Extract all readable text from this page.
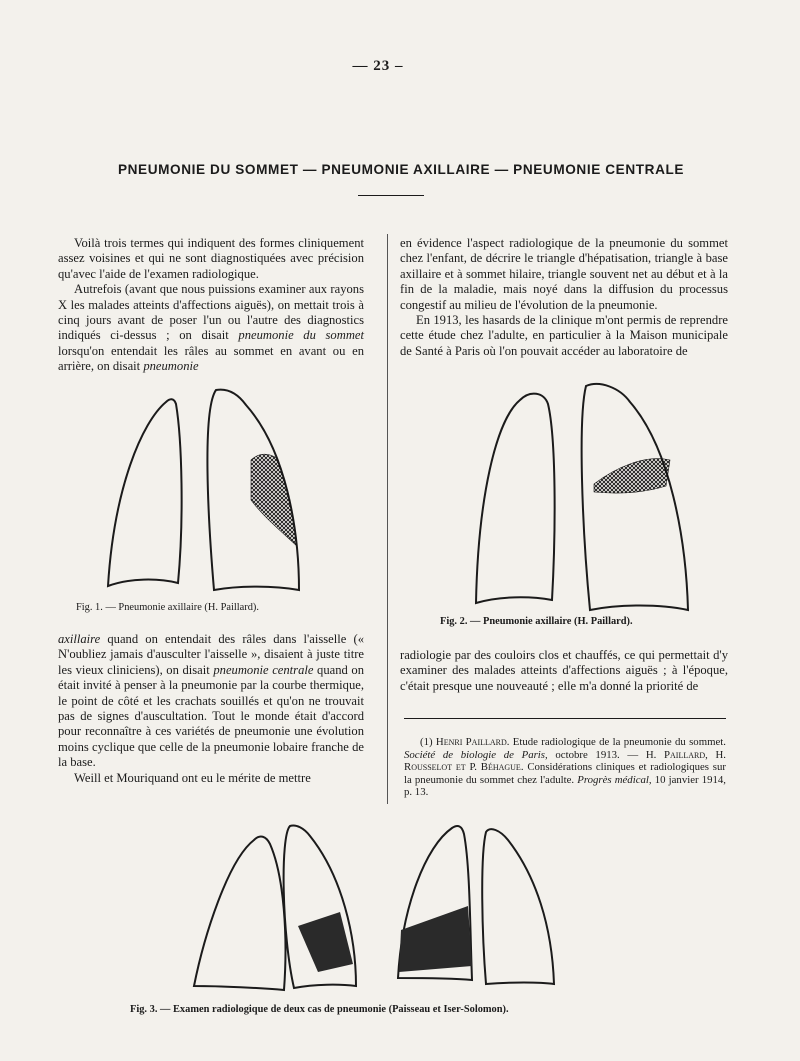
— 23 –
PNEUMONIE DU SOMMET — PNEUMONIE AXILLAIRE — PNEUMONIE CENTRALE

Voilà trois termes qui indiquent des formes cliniquement assez voisines et qui ne sont diagnostiquées avec précision qu'avec l'aide de l'examen radiologique.

Autrefois (avant que nous puissions examiner aux rayons X les malades atteints d'affections aiguës), on mettait trois à cinq jours avant de poser l'un ou l'autre des diagnostics indiqués ci-dessus ; on disait pneumonie du sommet lorsqu'on entendait les râles au sommet en avant ou en arrière, on disait pneumonie

Fig. 1. — Pneumonie axillaire (H. Paillard).

axillaire quand on entendait des râles dans l'aisselle (« N'oubliez jamais d'ausculter l'aisselle », disaient à juste titre les vieux cliniciens), on disait pneumonie centrale quand on était invité à penser à la pneumonie par la courbe thermique, le point de côté et les crachats souillés et qu'on ne trouvait pas de signes d'auscultation. Tout le monde était d'accord pour reconnaître à ces variétés de pneumonie une évolution moins cyclique que celle de la pneumonie lobaire franche de la base.

Weill et Mouriquand ont eu le mérite de mettre

en évidence l'aspect radiologique de la pneumonie du sommet chez l'enfant, de décrire le triangle d'hépatisation, triangle à base axillaire et à sommet hilaire, triangle souvent net au début et à la fin de la maladie, mais noyé dans la diffusion du processus congestif au milieu de l'évolution de la pneumonie.

En 1913, les hasards de la clinique m'ont permis de reprendre cette étude chez l'adulte, en particulier à la Maison municipale de Santé à Paris où l'on pouvait accéder au laboratoire de

Fig. 2. — Pneumonie axillaire (H. Paillard).

radiologie par des couloirs clos et chauffés, ce qui permettait d'y examiner des malades atteints d'affections aiguës ; à l'époque, c'était presque une nouveauté ; elle m'a donné la priorité de

(1) Henri Paillard. Etude radiologique de la pneumonie du sommet. Société de biologie de Paris, octobre 1913. — H. Paillard, H. Rousselot et P. Béhague. Considérations cliniques et radiologiques sur la pneumonie du sommet chez l'adulte. Progrès médical, 10 janvier 1914, p. 13.

Fig. 3. — Examen radiologique de deux cas de pneumonie (Paisseau et Iser-Solomon).
